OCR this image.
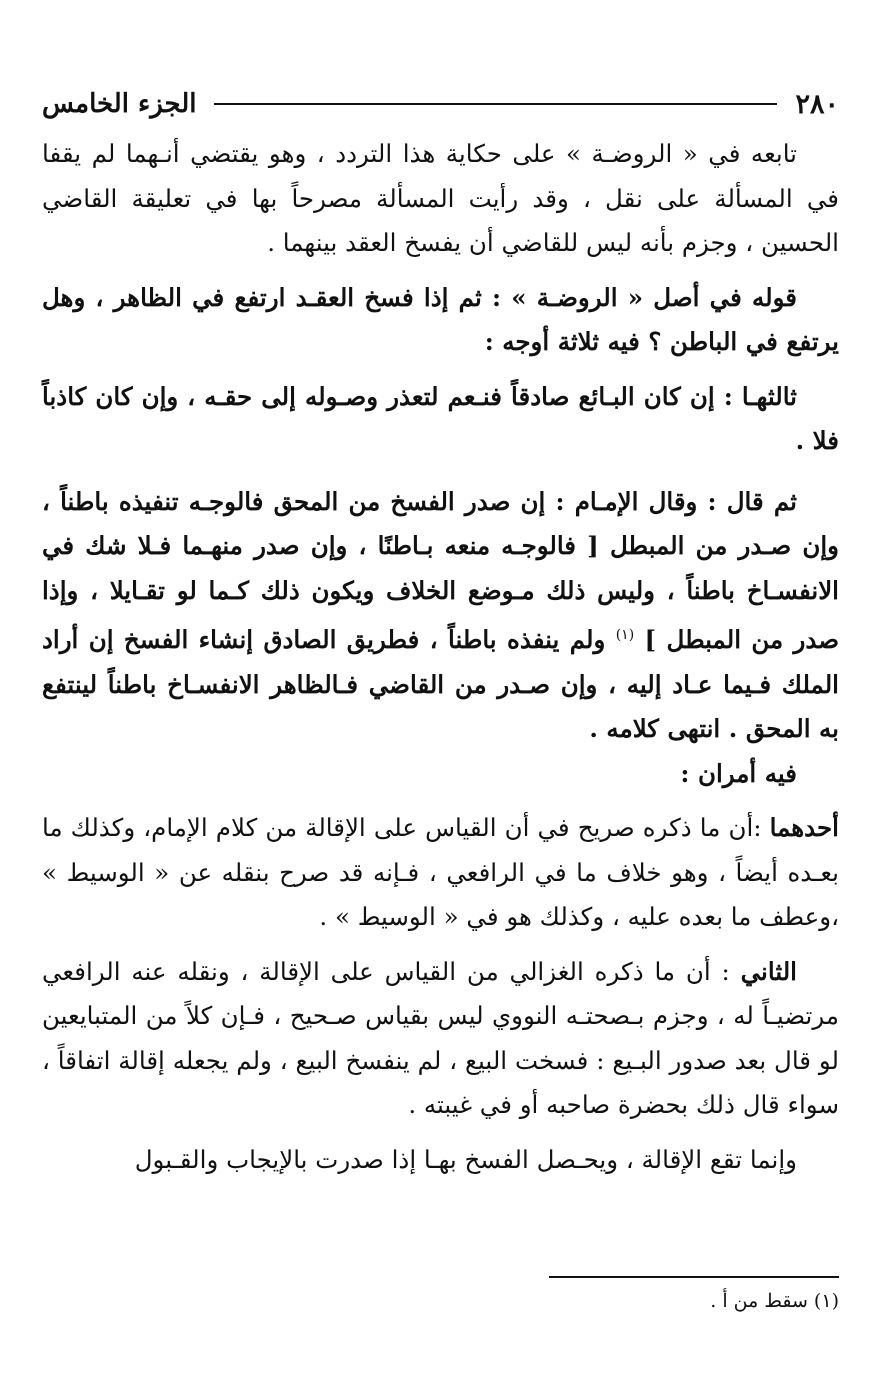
٢٨٠
الجزء الخامس

تابعه في « الروضـة » على حكاية هذا التردد ، وهو يقتضي أنـهما لم يقفا في المسألة على نقل ، وقد رأيت المسألة مصرحاً بها في تعليقة القاضي الحسين ، وجزم بأنه ليس للقاضي أن يفسخ العقد بينهما .

قوله في أصل « الروضـة » : ثم إذا فسخ العقـد ارتفع في الظاهر ، وهل يرتفع في الباطن ؟ فيه ثلاثة أوجه :

ثالثهـا : إن كان البـائع صادقاً فنـعم لتعذر وصـوله إلى حقـه ، وإن كان كاذباً فلا .

ثم قال : وقال الإمـام : إن صدر الفسخ من المحق فالوجـه تنفيذه باطناً ، وإن صـدر من المبطل [ فالوجـه منعه بـاطنًا ، وإن صدر منهـما فـلا شك في الانفسـاخ باطناً ، وليس ذلك مـوضع الخلاف ويكون ذلك كـما لو تقـايلا ، وإذا صدر من المبطل ] $^{(١)}$ ولم ينفذه باطناً ، فطريق الصادق إنشاء الفسخ إن أراد الملك فـيما عـاد إليه ، وإن صـدر من القاضي فـالظاهر الانفسـاخ باطناً لينتفع به المحق . انتهى كلامه .

فيه أمران :

أحدهما :أن ما ذكره صريح في أن القياس على الإقالة من كلام الإمام، وكذلك ما بعـده أيضاً ، وهو خلاف ما في الرافعي ، فـإنه قد صرح بنقله عن « الوسيط » ،وعطف ما بعده عليه ، وكذلك هو في « الوسيط » .

الثاني : أن ما ذكره الغزالي من القياس على الإقالة ، ونقله عنه الرافعي مرتضيـاً له ، وجزم بـصحتـه النووي ليس بقياس صـحيح ، فـإن كلاً من المتبايعين لو قال بعد صدور البـيع : فسخت البيع ، لم ينفسخ البيع ، ولم يجعله إقالة اتفاقاً ، سواء قال ذلك بحضرة صاحبه أو في غيبته .

وإنما تقع الإقالة ، ويحـصل الفسخ بهـا إذا صدرت بالإيجاب والقـبول

(١) سقط من أ .
